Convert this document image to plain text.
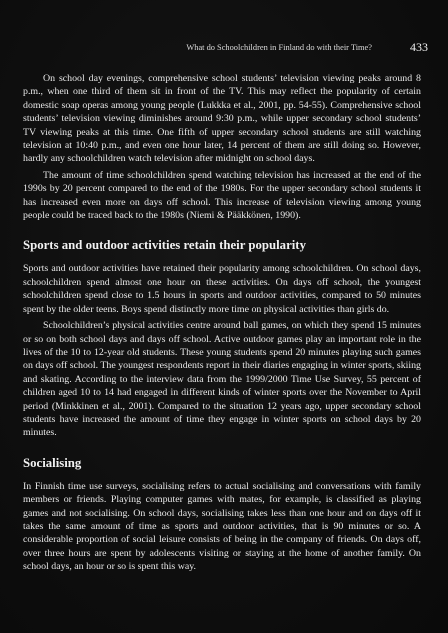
What do Schoolchildren in Finland do with their Time?	433

On school day evenings, comprehensive school students’ television viewing peaks around 8 p.m., when one third of them sit in front of the TV. This may reflect the popularity of certain domestic soap operas among young people (Lukkka et al., 2001, pp. 54-55). Comprehensive school students’ television viewing diminishes around 9:30 p.m., while upper secondary school students’ TV viewing peaks at this time. One fifth of upper secondary school students are still watching television at 10:40 p.m., and even one hour later, 14 percent of them are still doing so. However, hardly any schoolchildren watch television after midnight on school days.

The amount of time schoolchildren spend watching television has increased at the end of the 1990s by 20 percent compared to the end of the 1980s. For the upper secondary school students it has increased even more on days off school. This increase of television viewing among young people could be traced back to the 1980s (Niemi & Pääkkönen, 1990).

Sports and outdoor activities retain their popularity

Sports and outdoor activities have retained their popularity among schoolchildren. On school days, schoolchildren spend almost one hour on these activities. On days off school, the youngest schoolchildren spend close to 1.5 hours in sports and outdoor activities, compared to 50 minutes spent by the older teens. Boys spend distinctly more time on physical activities than girls do.

Schoolchildren’s physical activities centre around ball games, on which they spend 15 minutes or so on both school days and days off school. Active outdoor games play an important role in the lives of the 10 to 12-year old students. These young students spend 20 minutes playing such games on days off school. The youngest respondents report in their diaries engaging in winter sports, skiing and skating. According to the interview data from the 1999/2000 Time Use Survey, 55 percent of children aged 10 to 14 had engaged in different kinds of winter sports over the November to April period (Minkkinen et al., 2001). Compared to the situation 12 years ago, upper secondary school students have increased the amount of time they engage in winter sports on school days by 20 minutes.

Socialising

In Finnish time use surveys, socialising refers to actual socialising and conversations with family members or friends. Playing computer games with mates, for example, is classified as playing games and not socialising. On school days, socialising takes less than one hour and on days off it takes the same amount of time as sports and outdoor activities, that is 90 minutes or so. A considerable proportion of social leisure consists of being in the company of friends. On days off, over three hours are spent by adolescents visiting or staying at the home of another family. On school days, an hour or so is spent this way.
